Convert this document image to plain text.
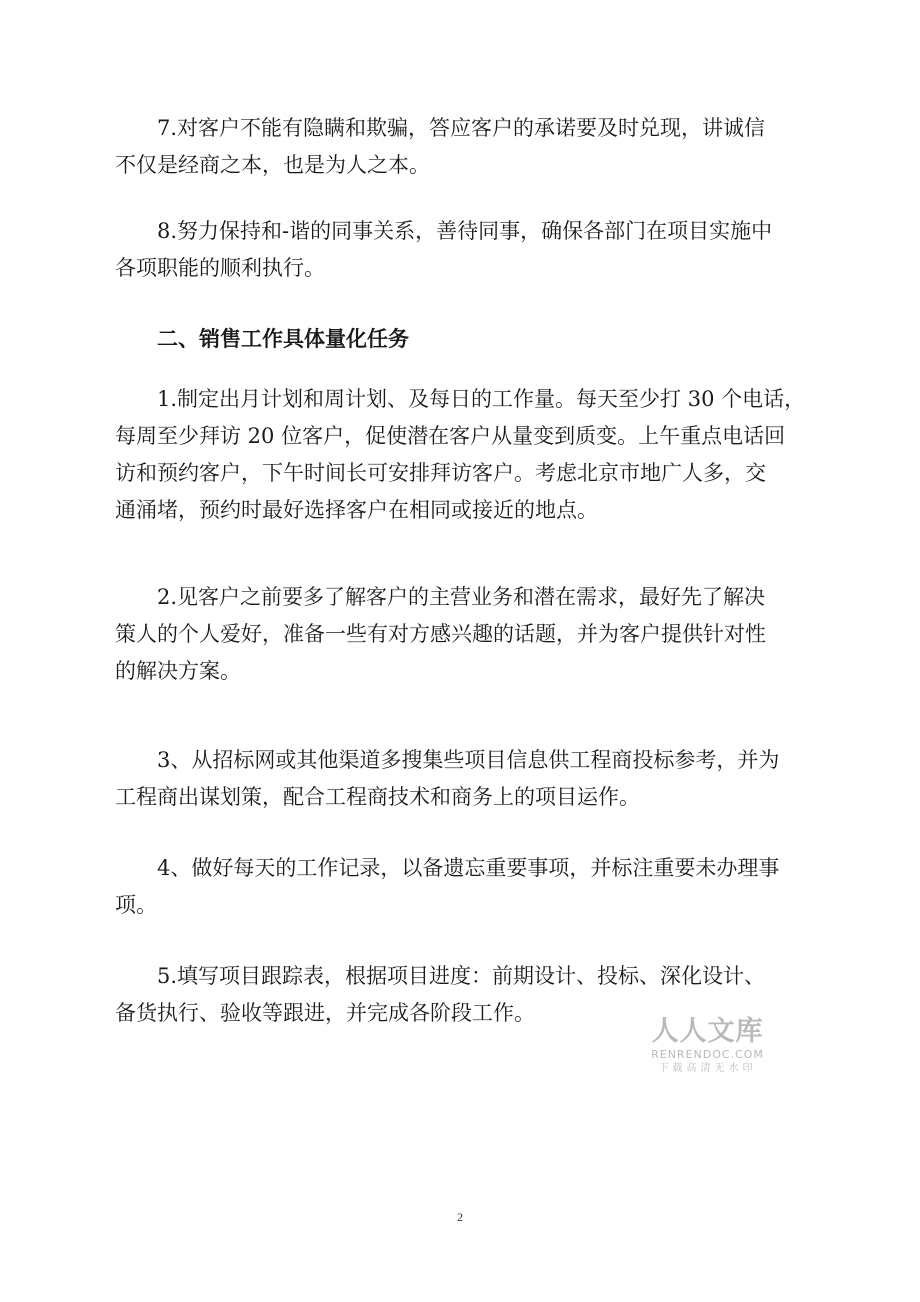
7.对客户不能有隐瞒和欺骗，答应客户的承诺要及时兑现，讲诚信
不仅是经商之本，也是为人之本。
8.努力保持和-谐的同事关系，善待同事，确保各部门在项目实施中
各项职能的顺利执行。
二、销售工作具体量化任务
1.制定出月计划和周计划、及每日的工作量。每天至少打 30 个电话，
每周至少拜访 20 位客户，促使潜在客户从量变到质变。上午重点电话回
访和预约客户，下午时间长可安排拜访客户。考虑北京市地广人多，交
通涌堵，预约时最好选择客户在相同或接近的地点。
2.见客户之前要多了解客户的主营业务和潜在需求，最好先了解决
策人的个人爱好，准备一些有对方感兴趣的话题，并为客户提供针对性
的解决方案。
3、从招标网或其他渠道多搜集些项目信息供工程商投标参考，并为
工程商出谋划策，配合工程商技术和商务上的项目运作。
4、做好每天的工作记录，以备遗忘重要事项，并标注重要未办理事
项。
5.填写项目跟踪表，根据项目进度：前期设计、投标、深化设计、
备货执行、验收等跟进，并完成各阶段工作。
人人文库
RENRENDOC.COM
下载高清无水印
2
